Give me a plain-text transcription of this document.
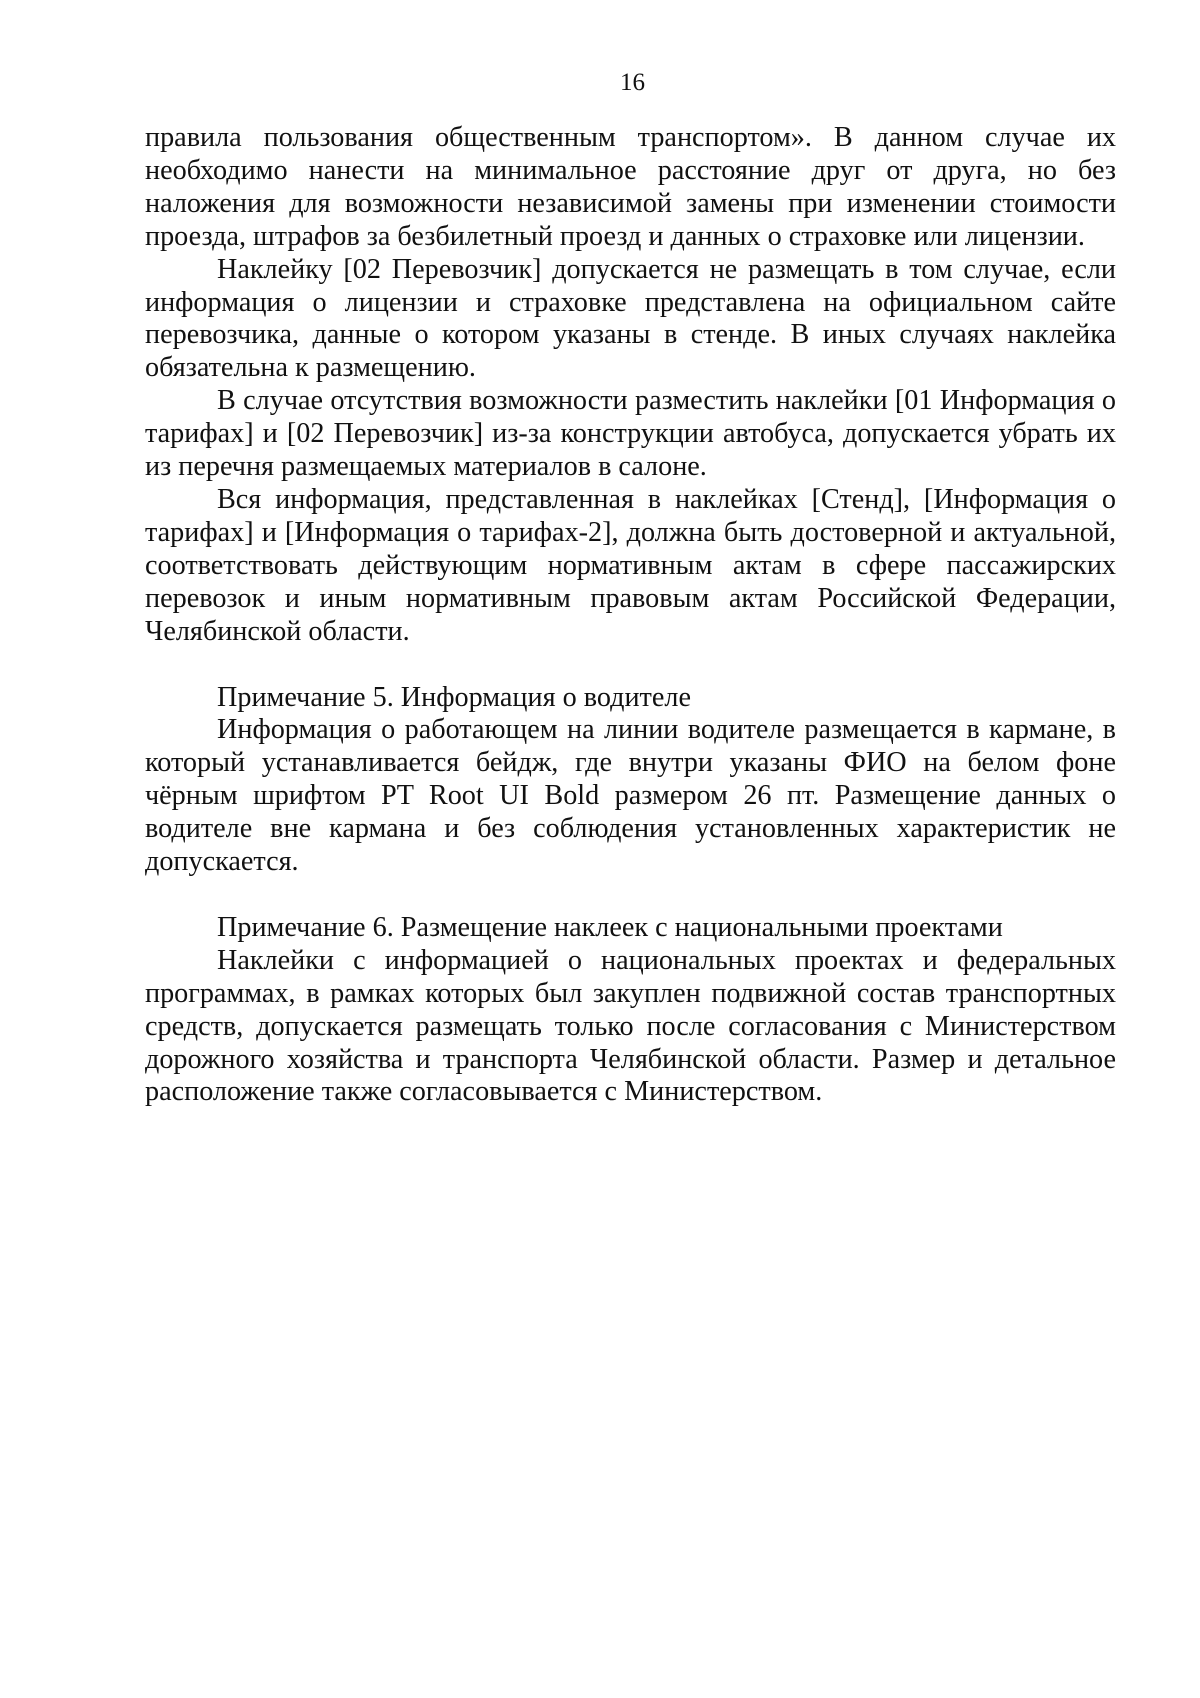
16

правила пользования общественным транспортом». В данном случае их необходимо нанести на минимальное расстояние друг от друга, но без наложения для возможности независимой замены при изменении стоимости проезда, штрафов за безбилетный проезд и данных о страховке или лицензии.

Наклейку [02 Перевозчик] допускается не размещать в том случае, если информация о лицензии и страховке представлена на официальном сайте перевозчика, данные о котором указаны в стенде. В иных случаях наклейка обязательна к размещению.

В случае отсутствия возможности разместить наклейки [01 Информация о тарифах] и [02 Перевозчик] из-за конструкции автобуса, допускается убрать их из перечня размещаемых материалов в салоне.

Вся информация, представленная в наклейках [Стенд], [Информация о тарифах] и [Информация о тарифах-2], должна быть достоверной и актуальной, соответствовать действующим нормативным актам в сфере пассажирских перевозок и иным нормативным правовым актам Российской Федерации, Челябинской области.

Примечание 5. Информация о водителе

Информация о работающем на линии водителе размещается в кармане, в который устанавливается бейдж, где внутри указаны ФИО на белом фоне чёрным шрифтом PT Root UI Bold размером 26 пт. Размещение данных о водителе вне кармана и без соблюдения установленных характеристик не допускается.

Примечание 6. Размещение наклеек с национальными проектами

Наклейки с информацией о национальных проектах и федеральных программах, в рамках которых был закуплен подвижной состав транспортных средств, допускается размещать только после согласования с Министерством дорожного хозяйства и транспорта Челябинской области. Размер и детальное расположение также согласовывается с Министерством.
